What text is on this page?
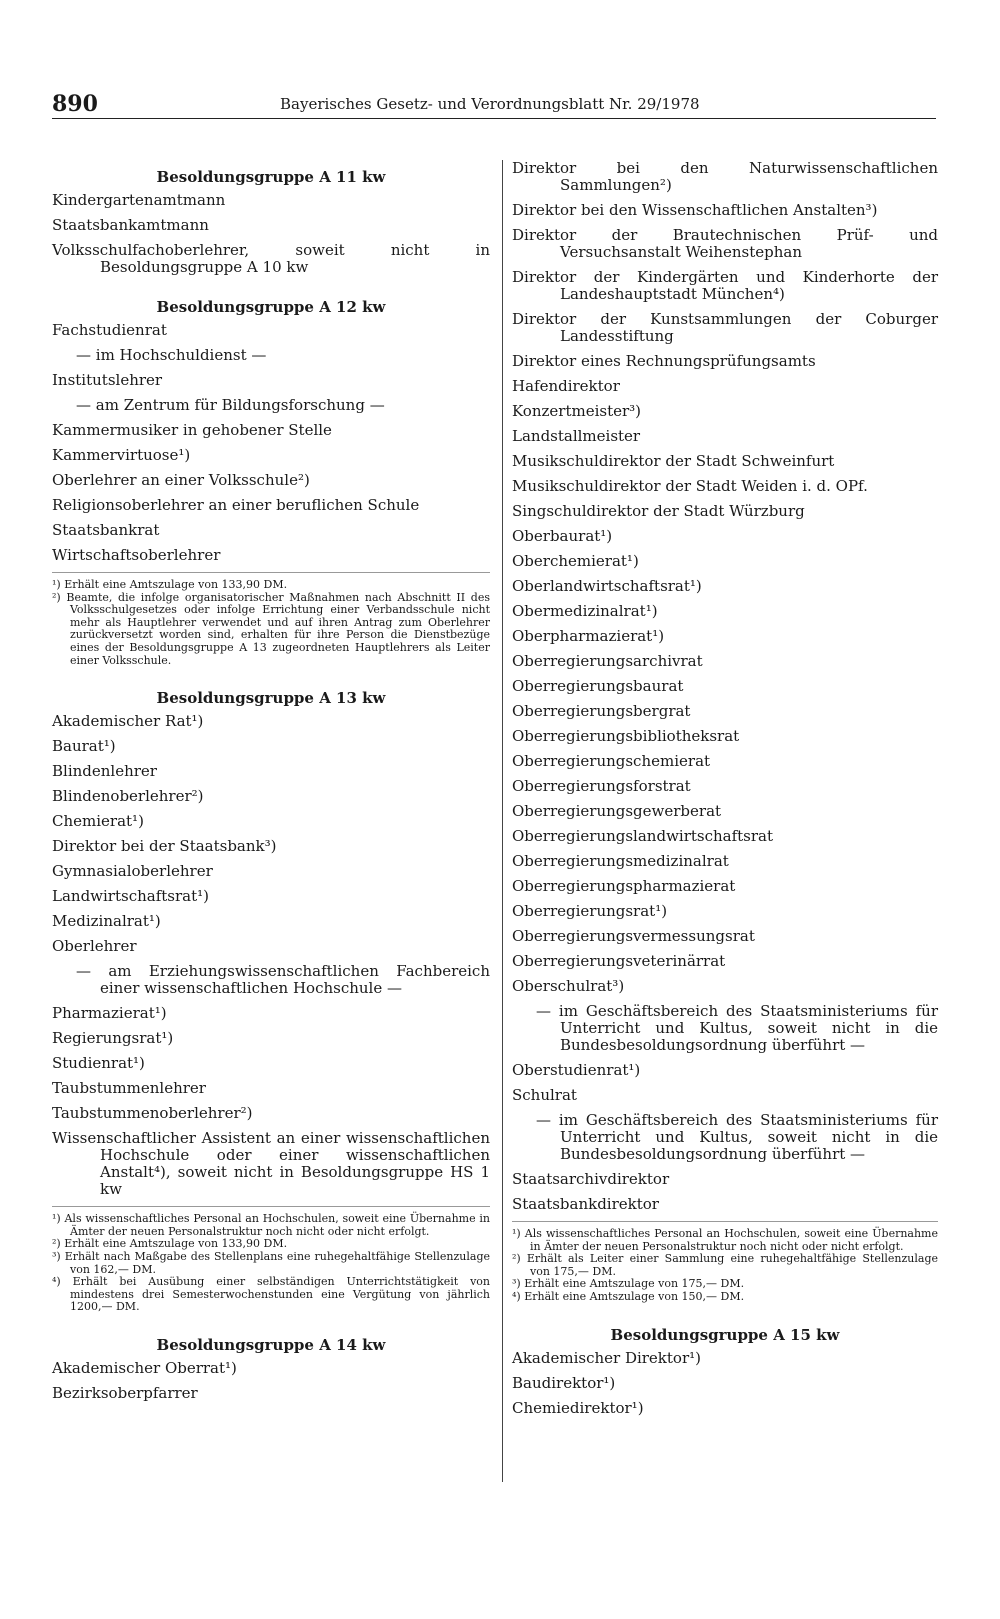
890	Bayerisches Gesetz- und Verordnungsblatt Nr. 29/1978
Besoldungsgruppe A 11 kw
Kindergartenamtmann
Staatsbankamtmann
Volksschulfachoberlehrer, soweit nicht in Besoldungsgruppe A 10 kw
Besoldungsgruppe A 12 kw
Fachstudienrat
— im Hochschuldienst —
Institutslehrer
— am Zentrum für Bildungsforschung —
Kammermusiker in gehobener Stelle
Kammervirtuose¹)
Oberlehrer an einer Volksschule²)
Religionsoberlehrer an einer beruflichen Schule
Staatsbankrat
Wirtschaftsoberlehrer
¹) Erhält eine Amtszulage von 133,90 DM.
²) Beamte, die infolge organisatorischer Maßnahmen nach Abschnitt II des Volksschulgesetzes oder infolge Errichtung einer Verbandsschule nicht mehr als Hauptlehrer verwendet und auf ihren Antrag zum Oberlehrer zurückversetzt worden sind, erhalten für ihre Person die Dienstbezüge eines der Besoldungsgruppe A 13 zugeordneten Hauptlehrers als Leiter einer Volksschule.
Besoldungsgruppe A 13 kw
Akademischer Rat¹)
Baurat¹)
Blindenlehrer
Blindenoberlehrer²)
Chemierat¹)
Direktor bei der Staatsbank³)
Gymnasialoberlehrer
Landwirtschaftsrat¹)
Medizinalrat¹)
Oberlehrer
— am Erziehungswissenschaftlichen Fachbereich einer wissenschaftlichen Hochschule —
Pharmazierat¹)
Regierungsrat¹)
Studienrat¹)
Taubstummenlehrer
Taubstummenoberlehrer²)
Wissenschaftlicher Assistent an einer wissenschaftlichen Hochschule oder einer wissenschaftlichen Anstalt⁴), soweit nicht in Besoldungsgruppe HS 1 kw
¹) Als wissenschaftliches Personal an Hochschulen, soweit eine Übernahme in Ämter der neuen Personalstruktur noch nicht oder nicht erfolgt.
²) Erhält eine Amtszulage von 133,90 DM.
³) Erhält nach Maßgabe des Stellenplans eine ruhegehaltfähige Stellenzulage von 162,— DM.
⁴) Erhält bei Ausübung einer selbständigen Unterrichtstätigkeit von mindestens drei Semesterwochenstunden eine Vergütung von jährlich 1200,— DM.
Besoldungsgruppe A 14 kw
Akademischer Oberrat¹)
Bezirksoberpfarrer
Direktor bei den Naturwissenschaftlichen Sammlungen²)
Direktor bei den Wissenschaftlichen Anstalten³)
Direktor der Brautechnischen Prüf- und Versuchsanstalt Weihenstephan
Direktor der Kindergärten und Kinderhorte der Landeshauptstadt München⁴)
Direktor der Kunstsammlungen der Coburger Landesstiftung
Direktor eines Rechnungsprüfungsamts
Hafendirektor
Konzertmeister³)
Landstallmeister
Musikschuldirektor der Stadt Schweinfurt
Musikschuldirektor der Stadt Weiden i. d. OPf.
Singschuldirektor der Stadt Würzburg
Oberbaurat¹)
Oberchemierat¹)
Oberlandwirtschaftsrat¹)
Obermedizinalrat¹)
Oberpharmazierat¹)
Oberregierungsarchivrat
Oberregierungsbaurat
Oberregierungsbergrat
Oberregierungsbibliotheksrat
Oberregierungschemierat
Oberregierungsforstrat
Oberregierungsgewerberat
Oberregierungslandwirtschaftsrat
Oberregierungsmedizinalrat
Oberregierungspharmazierat
Oberregierungsrat¹)
Oberregierungsvermessungsrat
Oberregierungsveterinärrat
Oberschulrat³)
— im Geschäftsbereich des Staatsministeriums für Unterricht und Kultus, soweit nicht in die Bundesbesoldungsordnung überführt —
Oberstudienrat¹)
Schulrat
— im Geschäftsbereich des Staatsministeriums für Unterricht und Kultus, soweit nicht in die Bundesbesoldungsordnung überführt —
Staatsarchivdirektor
Staatsbankdirektor
¹) Als wissenschaftliches Personal an Hochschulen, soweit eine Übernahme in Ämter der neuen Personalstruktur noch nicht oder nicht erfolgt.
²) Erhält als Leiter einer Sammlung eine ruhegehaltfähige Stellenzulage von 175,— DM.
³) Erhält eine Amtszulage von 175,— DM.
⁴) Erhält eine Amtszulage von 150,— DM.
Besoldungsgruppe A 15 kw
Akademischer Direktor¹)
Baudirektor¹)
Chemiedirektor¹)
